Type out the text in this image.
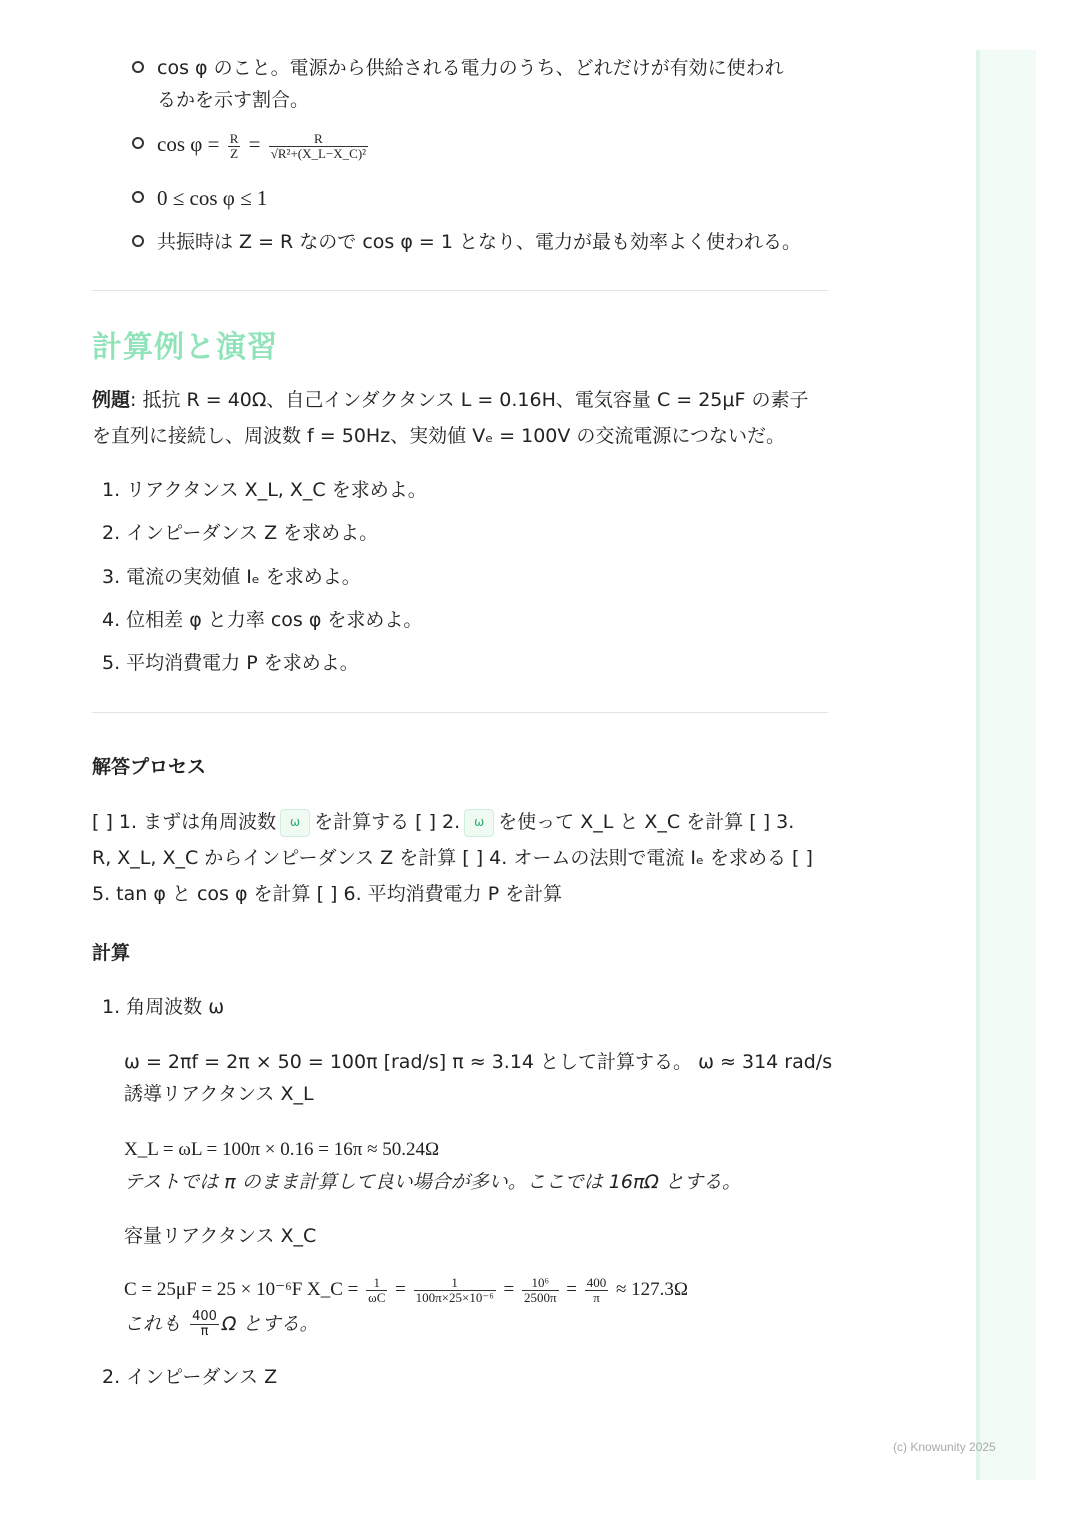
cos φ のこと。電源から供給される電力のうち、どれだけが有効に使われ
るかを示す割合。
$\cos \varphi = \frac{R}{Z} = \frac{R}{\text{√R²+(X\_L−X\_C)²}}$
0 ≤ cos φ ≤ 1
共振時は Z = R なので cos φ = 1 となり、電力が最も効率よく使われる。
計算例と演習
例題: 抵抗 R = 40Ω、自己インダクタンス L = 0.16H、電気容量 C = 25μF の素子
を直列に接続し、周波数 f = 50Hz、実効値 Vₑ = 100V の交流電源につないだ。
1. リアクタンス X_L, X_C を求めよ。
2. インピーダンス Z を求めよ。
3. 電流の実効値 Iₑ を求めよ。
4. 位相差 φ と力率 cos φ を求めよ。
5. 平均消費電力 P を求めよ。
解答プロセス
[ ] 1. まずは角周波数 ω を計算する [ ] 2. ω を使って X_L と X_C を計算 [ ] 3.
R, X_L, X_C からインピーダンス Z を計算 [ ] 4. オームの法則で電流 Iₑ を求める [ ]
5. tan φ と cos φ を計算 [ ] 6. 平均消費電力 P を計算
計算
1. 角周波数 ω
ω = 2πf = 2π × 50 = 100π [rad/s] π ≈ 3.14 として計算する。 ω ≈ 314 rad/s
誘導リアクタンス X_L
X_L = ωL = 100π × 0.16 = 16π ≈ 50.24Ω
テストでは π のまま計算して良い場合が多い。ここでは 16πΩ とする。
容量リアクタンス X_C
C = 25μF = 25 × 10⁻⁶F X_C = $\frac{1}{\omega C} = \frac{1}{\text{100π×25×10⁻⁶}} = \frac{\text{10⁶}}{2500\pi} = \frac{400}{\pi} \approx 127.3\Omega$
これも $\frac{400}{\pi}$ Ω とする。
2. インピーダンス Z
(c) Knowunity 2025
